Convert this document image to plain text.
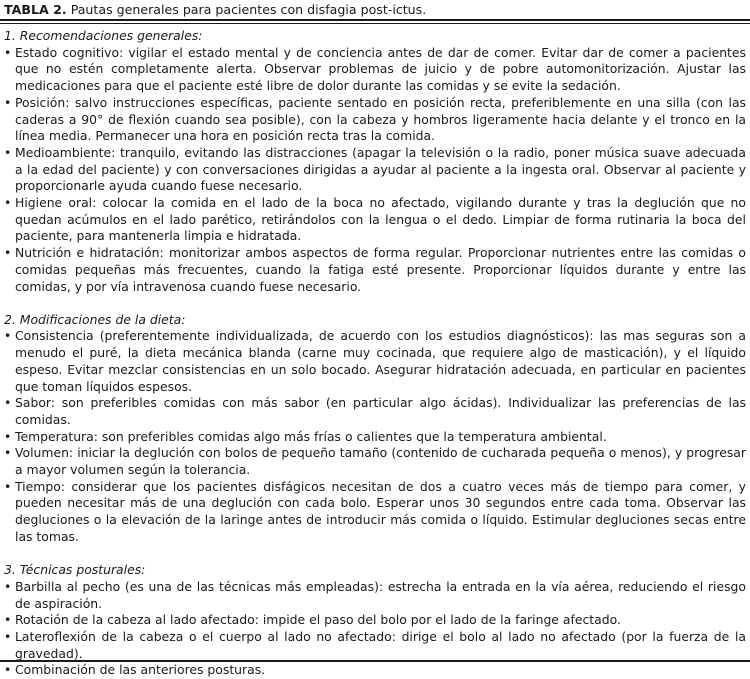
TABLA 2. Pautas generales para pacientes con disfagia post-ictus.

1. Recomendaciones generales:

• Estado cognitivo: vigilar el estado mental y de conciencia antes de dar de comer. Evitar dar de comer a pacientes que no estén completamente alerta. Observar problemas de juicio y de pobre automonitorización. Ajustar las medicaciones para que el paciente esté libre de dolor durante las comidas y se evite la sedación.

• Posición: salvo instrucciones específicas, paciente sentado en posición recta, preferiblemente en una silla (con las caderas a 90° de flexión cuando sea posible), con la cabeza y hombros ligeramente hacia delante y el tronco en la línea media. Permanecer una hora en posición recta tras la comida.

• Medioambiente: tranquilo, evitando las distracciones (apagar la televisión o la radio, poner música suave adecuada a la edad del paciente) y con conversaciones dirigidas a ayudar al paciente a la ingesta oral. Observar al paciente y proporcionarle ayuda cuando fuese necesario.

• Higiene oral: colocar la comida en el lado de la boca no afectado, vigilando durante y tras la deglución que no quedan acúmulos en el lado parético, retirándolos con la lengua o el dedo. Limpiar de forma rutinaria la boca del paciente, para mantenerla limpia e hidratada.

• Nutrición e hidratación: monitorizar ambos aspectos de forma regular. Proporcionar nutrientes entre las comidas o comidas pequeñas más frecuentes, cuando la fatiga esté presente. Proporcionar líquidos durante y entre las comidas, y por vía intravenosa cuando fuese necesario.

2. Modificaciones de la dieta:

• Consistencia (preferentemente individualizada, de acuerdo con los estudios diagnósticos): las mas seguras son a menudo el puré, la dieta mecánica blanda (carne muy cocinada, que requiere algo de masticación), y el líquido espeso. Evitar mezclar consistencias en un solo bocado. Asegurar hidratación adecuada, en particular en pacientes que toman líquidos espesos.

• Sabor: son preferibles comidas con más sabor (en particular algo ácidas). Individualizar las preferencias de las comidas.

• Temperatura: son preferibles comidas algo más frías o calientes que la temperatura ambiental.

• Volumen: iniciar la deglución con bolos de pequeño tamaño (contenido de cucharada pequeña o menos), y progresar a mayor volumen según la tolerancia.

• Tiempo: considerar que los pacientes disfágicos necesitan de dos a cuatro veces más de tiempo para comer, y pueden necesitar más de una deglución con cada bolo. Esperar unos 30 segundos entre cada toma. Observar las degluciones o la elevación de la laringe antes de introducir más comida o líquido. Estimular degluciones secas entre las tomas.

3. Técnicas posturales:

• Barbilla al pecho (es una de las técnicas más empleadas): estrecha la entrada en la vía aérea, reduciendo el riesgo de aspiración.

• Rotación de la cabeza al lado afectado: impide el paso del bolo por el lado de la faringe afectado.

• Lateroflexión de la cabeza o el cuerpo al lado no afectado: dirige el bolo al lado no afectado (por la fuerza de la gravedad).

• Combinación de las anteriores posturas.
